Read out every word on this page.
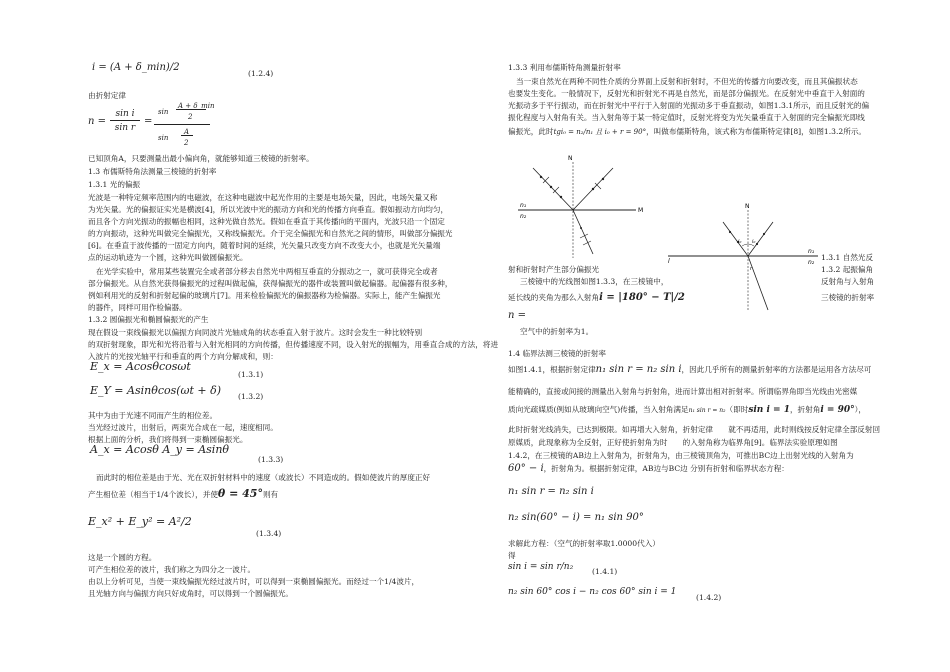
i = (A + δ_min)/2
(1.2.4)
由折射定律
n =
sin i
sin r
=
sin
A + δ_min
2
sin
A
2
已知顶角A，只要测量出最小偏向角，就能够知道三棱镜的折射率。
1.3 布儒斯特角法测量三棱镜的折射率
1.3.1 光的偏振
光波是一种特定频率范围内的电磁波，在这种电磁波中起光作用的主要是电场矢量，因此，电场矢量又称
为光矢量。光的偏振证实光是横波[4]，所以光波中光的振动方向和光的传播方向垂直。假如振动方向均匀，
而且各个方向光振动的振幅也相同，这种光做自然光。假如在垂直于其传播向的平面内，光波只沿一个固定
的方向振动，这种光叫做完全偏振光，又称线偏振光。介于完全偏振光和自然光之间的情形，叫做部分偏振光
[6]。在垂直于波传播的一固定方向内，随着时间的延续，光矢量只改变方向不改变大小，也就是光矢量端
点的运动轨迹为一个圆，这种光叫做圆偏振光。
在光学实验中，常用某些装置完全或者部分移去自然光中两相互垂直的分振动之一，就可获得完全或者
部分偏振光。从自然光获得偏振光的过程叫做起偏，获得偏振光的器件或装置叫做起偏器。起偏器有很多种，
例如利用光的反射和折射起偏的玻璃片[7]。用来检验偏振光的偏振器称为检偏器。实际上，能产生偏振光
的器件，同样可用作检偏器。
1.3.2 圆偏振光和椭圆偏振光的产生
现在假设一束线偏振光以偏振方向同波片光轴成角的状态垂直入射于波片。这时会发生一种比较特别
的双折射现象，即光和光将沿着与入射光相同的方向传播，但传播速度不同，设入射光的振幅为，用垂直合成的方法，将进
入波片的光按光轴平行和垂直的两个方向分解成和，则：
E_x = Acosθcosωt
(1.3.1)
E_Y = Asinθcos(ωt + δ) (1.3.2)
其中为由于光速不同而产生的相位差。
当光经过波片，出射后，两束光合成在一起，速度相同。
根据上面的分析，我们将得到一束椭圆偏振光。
A_x = Acosθ A_y = Asinθ
(1.3.3)
而此时的相位差是由于光、光在双折射材料中的速度（或波长）不同造成的。假如使波片的厚度正好
产生相位差（相当于1/4个波长），并使θ = 45°则有
E_x² + E_y² = A²/2
(1.3.4)
这是一个圆的方程。
可产生相位差的波片，我们称之为四分之一波片。
由以上分析可见，当使一束线偏振光经过波片时，可以得到一束椭圆偏振光。而经过一个1/4波片，
且光轴方向与偏振方向只好成角时，可以得到一个圆偏振光。
1.3.3 利用布儒斯特角测量折射率
当一束自然光在两种不同性介质的分界面上反射和折射时，不但光的传播方向要改变，而且其偏振状态
也要发生变化。一般情况下，反射光和折射光不再是自然光，而是部分偏振光。在反射光中垂直于入射面的
光振动多于平行振动，而在折射光中平行于入射面的光振动多于垂直振动，如图1.3.1所示，而且反射光的偏
振化程度与入射角有关。当入射角等于某一特定值时，反射光将变为光矢量垂直于入射面的完全偏振光即线
偏振光，此时tgi₀ = n₂/n₁ 且 i₀ + r = 90°，叫做布儒斯特角，该式称为布儒斯特定律[8]，如图1.3.2所示。
N
n₁
n₂
M
N
i₀ i₀
r
n₁
n₂
l	1.3.1 自然光反
1.3.2 起振偏角
反射角与入射角
三棱镜的折射率
射和折射时产生部分偏振光
三棱镜中的光线图如图1.3.3，在三棱镜中，
延长线的夹角为那么入射角i = |180° − T|/2
n =
空气中的折射率为1。
1.4 临界法测三棱镜的折射率
如图1.4.1，根据折射定律n₁ sin r = n₂ sin i，因此几乎所有的测量折射率的方法都是运用各方法尽可
能精确的，直接或间接的测量出入射角与折射角，进而计算出相对折射率。所谓临界角即当光线由光密媒
质向光疏媒质(例如从玻璃向空气)传播，当入射角满足n₁ sin r = n₂（即时sin i = 1，折射角i = 90°），
此时折射光线消失，已达到极限。如再增大入射角，折射定律　　就不再适用，此时则线按反射定律全部反射回
原媒质，此现象称为全反射，正好使折射角为时　　的入射角称为临界角[9]。临界法实验原理如图
1.4.2，在三棱镜的AB边上入射角为，折射角为，由三棱镜顶角为，可推出BC边上出射光线的入射角为
60° − i，折射角为。根据折射定律，AB边与BC边 分别有折射和临界状态方程：
n₁ sin r = n₂ sin i
n₂ sin(60° − i) = n₁ sin 90°
求解此方程：（空气的折射率取1.0000代入）
得
sin i = sin r/n₂ (1.4.1)
n₂ sin 60° cos i − n₂ cos 60° sin i = 1
(1.4.2)
